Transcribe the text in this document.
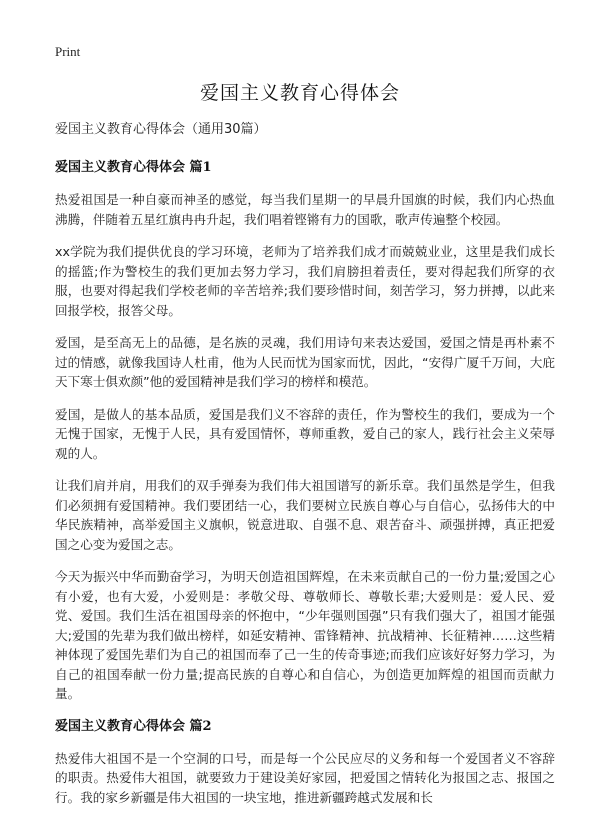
Print
爱国主义教育心得体会

爱国主义教育心得体会（通用30篇）

爱国主义教育心得体会 篇1

热爱祖国是一种自豪而神圣的感觉，每当我们星期一的早晨升国旗的时候，我们内心热血沸腾，伴随着五星红旗冉冉升起，我们唱着铿锵有力的国歌，歌声传遍整个校园。

xx学院为我们提供优良的学习环境，老师为了培养我们成才而兢兢业业，这里是我们成长的摇篮;作为警校生的我们更加去努力学习，我们肩膀担着责任，要对得起我们所穿的衣服，也要对得起我们学校老师的辛苦培养;我们要珍惜时间，刻苦学习，努力拼搏，以此来回报学校，报答父母。

爱国，是至高无上的品德，是名族的灵魂，我们用诗句来表达爱国，爱国之情是再朴素不过的情感，就像我国诗人杜甫，他为人民而忧为国家而忧，因此，“安得广厦千万间，大庇天下寒士俱欢颜”他的爱国精神是我们学习的榜样和模范。

爱国，是做人的基本品质，爱国是我们义不容辞的责任，作为警校生的我们，要成为一个无愧于国家，无愧于人民，具有爱国情怀，尊师重教，爱自己的家人，践行社会主义荣辱观的人。

让我们肩并肩，用我们的双手弹奏为我们伟大祖国谱写的新乐章。我们虽然是学生，但我们必须拥有爱国精神。我们要团结一心，我们要树立民族自尊心与自信心，弘扬伟大的中华民族精神，高举爱国主义旗帜，锐意进取、自强不息、艰苦奋斗、顽强拼搏，真正把爱国之心变为爱国之志。

今天为振兴中华而勤奋学习，为明天创造祖国辉煌，在未来贡献自己的一份力量;爱国之心有小爱，也有大爱，小爱则是：孝敬父母、尊敬师长、尊敬长辈;大爱则是：爱人民、爱党、爱国。我们生活在祖国母亲的怀抱中，“少年强则国强”只有我们强大了，祖国才能强大;爱国的先辈为我们做出榜样，如延安精神、雷锋精神、抗战精神、长征精神……这些精神体现了爱国先辈们为自己的祖国而奉了己一生的传奇事迹;而我们应该好好努力学习，为自己的祖国奉献一份力量;提高民族的自尊心和自信心，为创造更加辉煌的祖国而贡献力量。

爱国主义教育心得体会 篇2

热爱伟大祖国不是一个空洞的口号，而是每一个公民应尽的义务和每一个爱国者义不容辞的职责。热爱伟大祖国，就要致力于建设美好家园，把爱国之情转化为报国之志、报国之行。我的家乡新疆是伟大祖国的一块宝地，推进新疆跨越式发展和长
